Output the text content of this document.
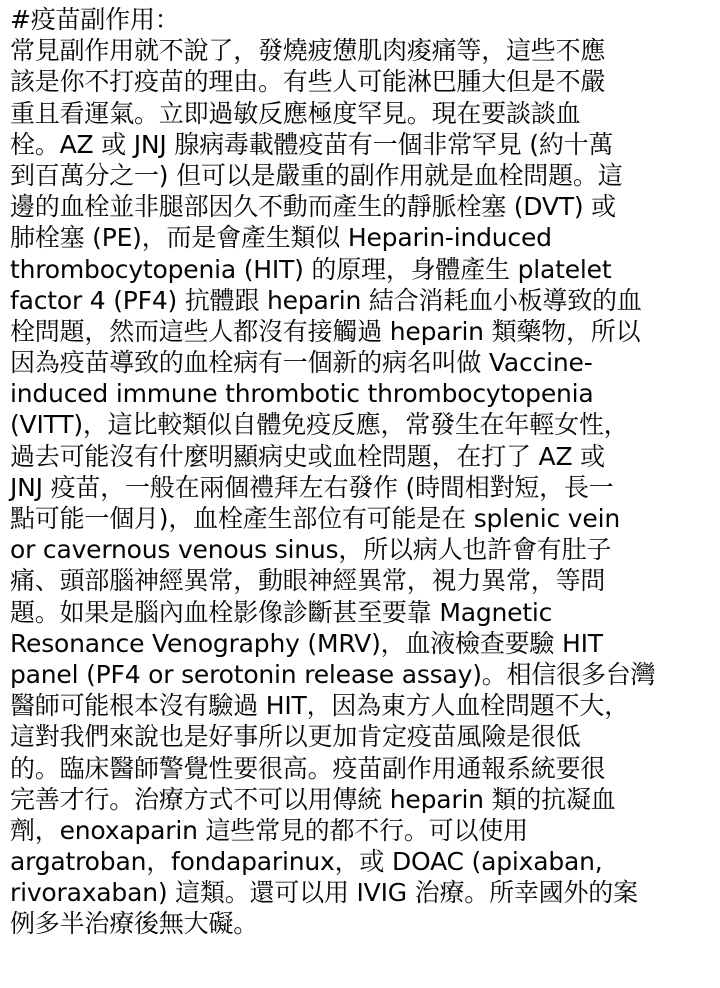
#疫苗副作用：
常見副作用就不說了，發燒疲憊肌肉痠痛等，這些不應
該是你不打疫苗的理由。有些人可能淋巴腫大但是不嚴
重且看運氣。立即過敏反應極度罕見。現在要談談血
栓。AZ 或 JNJ 腺病毒載體疫苗有一個非常罕見 (約十萬
到百萬分之一) 但可以是嚴重的副作用就是血栓問題。這
邊的血栓並非腿部因久不動而產生的靜脈栓塞 (DVT) 或
肺栓塞 (PE)，而是會產生類似 Heparin-induced
thrombocytopenia (HIT) 的原理，身體產生 platelet
factor 4 (PF4) 抗體跟 heparin 結合消耗血小板導致的血
栓問題，然而這些人都沒有接觸過 heparin 類藥物，所以
因為疫苗導致的血栓病有一個新的病名叫做 Vaccine-
induced immune thrombotic thrombocytopenia
(VITT)，這比較類似自體免疫反應，常發生在年輕女性，
過去可能沒有什麼明顯病史或血栓問題，在打了 AZ 或
JNJ 疫苗，一般在兩個禮拜左右發作 (時間相對短，長一
點可能一個月)，血栓產生部位有可能是在 splenic vein
or cavernous venous sinus，所以病人也許會有肚子
痛、頭部腦神經異常，動眼神經異常，視力異常，等問
題。如果是腦內血栓影像診斷甚至要靠 Magnetic
Resonance Venography (MRV)，血液檢查要驗 HIT
panel (PF4 or serotonin release assay)。相信很多台灣
醫師可能根本沒有驗過 HIT，因為東方人血栓問題不大，
這對我們來說也是好事所以更加肯定疫苗風險是很低
的。臨床醫師警覺性要很高。疫苗副作用通報系統要很
完善才行。治療方式不可以用傳統 heparin 類的抗凝血
劑，enoxaparin 這些常見的都不行。可以使用
argatroban，fondaparinux，或 DOAC (apixaban,
rivoraxaban) 這類。還可以用 IVIG 治療。所幸國外的案
例多半治療後無大礙。
